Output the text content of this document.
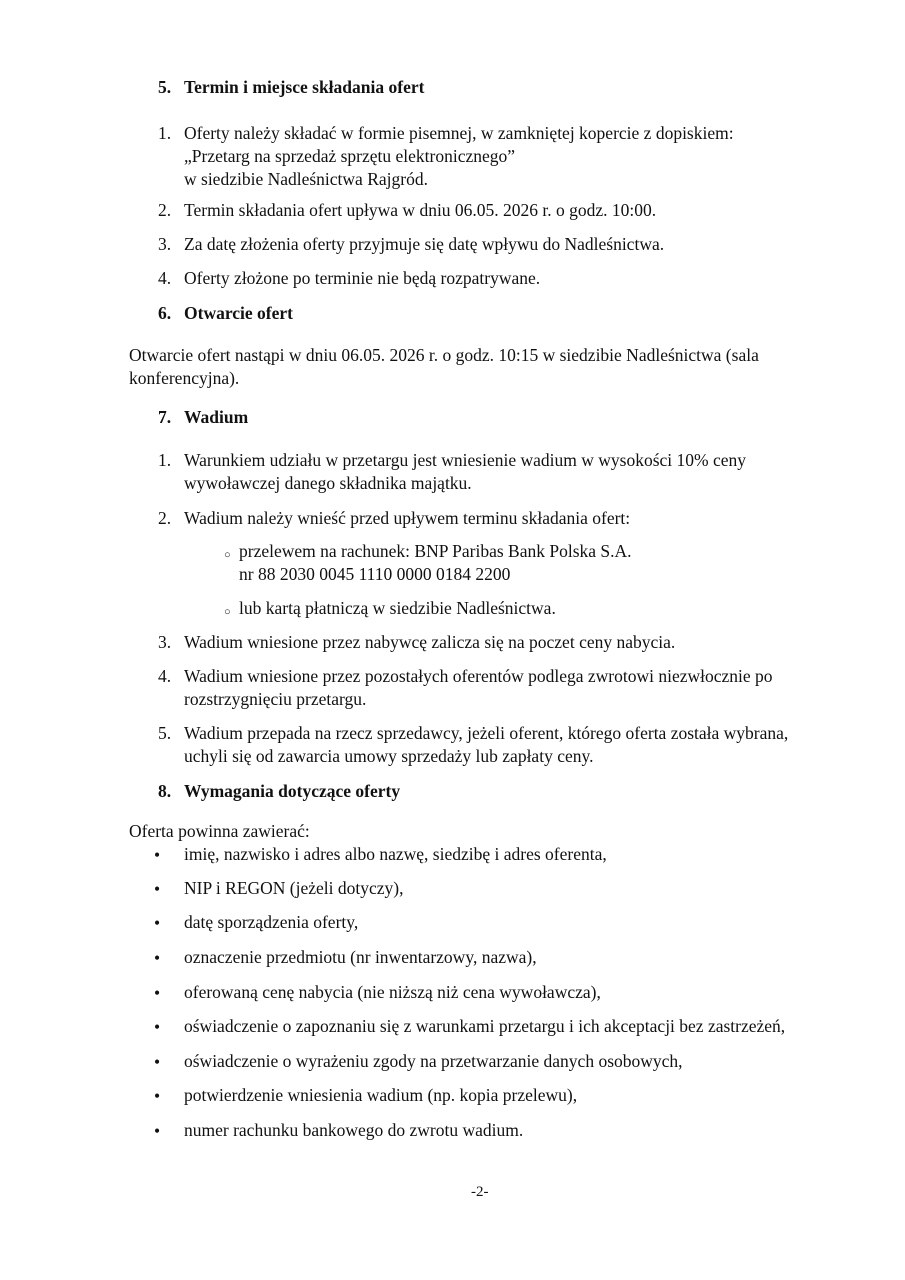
5. Termin i miejsce składania ofert
1. Oferty należy składać w formie pisemnej, w zamkniętej kopercie z dopiskiem:
„Przetarg na sprzedaż sprzętu elektronicznego”
w siedzibie Nadleśnictwa Rajgród.
2. Termin składania ofert upływa w dniu 06.05. 2026 r. o godz. 10:00.
3. Za datę złożenia oferty przyjmuje się datę wpływu do Nadleśnictwa.
4. Oferty złożone po terminie nie będą rozpatrywane.
6. Otwarcie ofert
Otwarcie ofert nastąpi w dniu 06.05. 2026 r. o godz. 10:15 w siedzibie Nadleśnictwa (sala
konferencyjna).
7. Wadium
1. Warunkiem udziału w przetargu jest wniesienie wadium w wysokości 10% ceny
wywoławczej danego składnika majątku.
2. Wadium należy wnieść przed upływem terminu składania ofert:
○ przelewem na rachunek: BNP Paribas Bank Polska S.A.
nr 88 2030 0045 1110 0000 0184 2200
○ lub kartą płatniczą w siedzibie Nadleśnictwa.
3. Wadium wniesione przez nabywcę zalicza się na poczet ceny nabycia.
4. Wadium wniesione przez pozostałych oferentów podlega zwrotowi niezwłocznie po
rozstrzygnięciu przetargu.
5. Wadium przepada na rzecz sprzedawcy, jeżeli oferent, którego oferta została wybrana,
uchyli się od zawarcia umowy sprzedaży lub zapłaty ceny.
8. Wymagania dotyczące oferty
Oferta powinna zawierać:
• imię, nazwisko i adres albo nazwę, siedzibę i adres oferenta,
• NIP i REGON (jeżeli dotyczy),
• datę sporządzenia oferty,
• oznaczenie przedmiotu (nr inwentarzowy, nazwa),
• oferowaną cenę nabycia (nie niższą niż cena wywoławcza),
• oświadczenie o zapoznaniu się z warunkami przetargu i ich akceptacji bez zastrzeżeń,
• oświadczenie o wyrażeniu zgody na przetwarzanie danych osobowych,
• potwierdzenie wniesienia wadium (np. kopia przelewu),
• numer rachunku bankowego do zwrotu wadium.
-2-
